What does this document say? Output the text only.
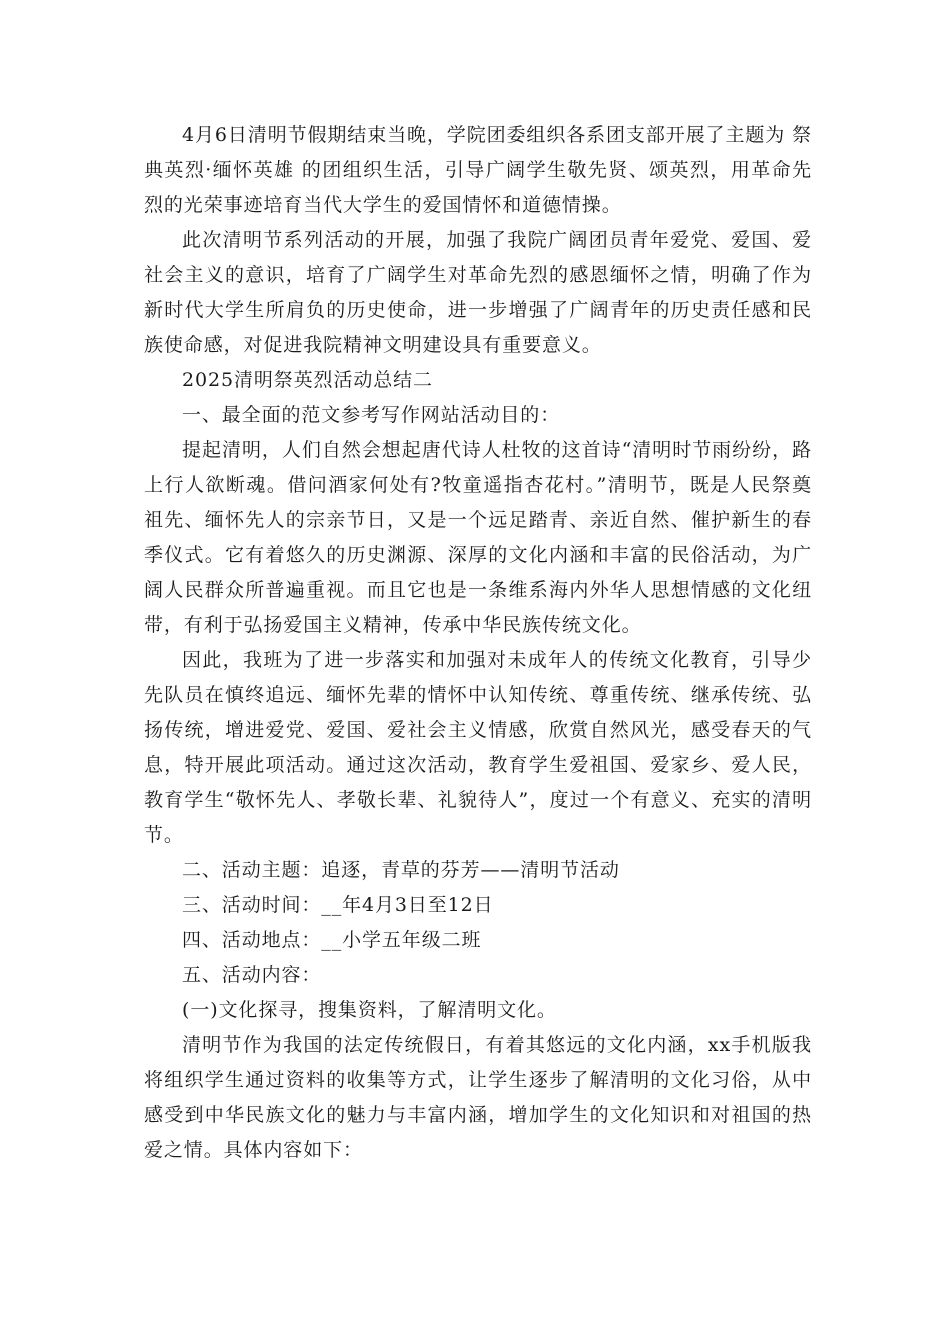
4月6日清明节假期结束当晚，学院团委组织各系团支部开展了主题为 祭典英烈·缅怀英雄 的团组织生活，引导广阔学生敬先贤、颂英烈，用革命先烈的光荣事迹培育当代大学生的爱国情怀和道德情操。

此次清明节系列活动的开展，加强了我院广阔团员青年爱党、爱国、爱社会主义的意识，培育了广阔学生对革命先烈的感恩缅怀之情，明确了作为新时代大学生所肩负的历史使命，进一步增强了广阔青年的历史责任感和民族使命感，对促进我院精神文明建设具有重要意义。

2025清明祭英烈活动总结二

一、最全面的范文参考写作网站活动目的：

提起清明，人们自然会想起唐代诗人杜牧的这首诗“清明时节雨纷纷，路上行人欲断魂。借问酒家何处有?牧童遥指杏花村。”清明节，既是人民祭奠祖先、缅怀先人的宗亲节日，又是一个远足踏青、亲近自然、催护新生的春季仪式。它有着悠久的历史渊源、深厚的文化内涵和丰富的民俗活动，为广阔人民群众所普遍重视。而且它也是一条维系海内外华人思想情感的文化纽带，有利于弘扬爱国主义精神，传承中华民族传统文化。

因此，我班为了进一步落实和加强对未成年人的传统文化教育，引导少先队员在慎终追远、缅怀先辈的情怀中认知传统、尊重传统、继承传统、弘扬传统，增进爱党、爱国、爱社会主义情感，欣赏自然风光，感受春天的气息，特开展此项活动。通过这次活动，教育学生爱祖国、爱家乡、爱人民，教育学生“敬怀先人、孝敬长辈、礼貌待人”，度过一个有意义、充实的清明节。

二、活动主题：追逐，青草的芬芳——清明节活动

三、活动时间：__年4月3日至12日

四、活动地点：__小学五年级二班

五、活动内容：

(一)文化探寻，搜集资料，了解清明文化。

清明节作为我国的法定传统假日，有着其悠远的文化内涵，xx手机版我将组织学生通过资料的收集等方式，让学生逐步了解清明的文化习俗，从中感受到中华民族文化的魅力与丰富内涵，增加学生的文化知识和对祖国的热爱之情。具体内容如下：
